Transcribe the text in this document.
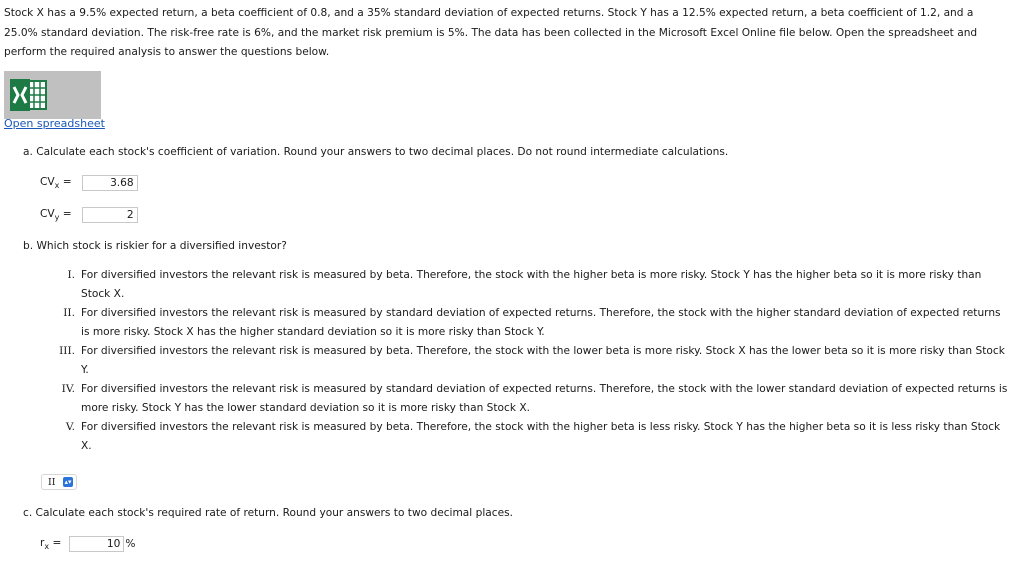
Stock X has a 9.5% expected return, a beta coefficient of 0.8, and a 35% standard deviation of expected returns. Stock Y has a 12.5% expected return, a beta coefficient of 1.2, and a 25.0% standard deviation. The risk-free rate is 6%, and the market risk premium is 5%. The data has been collected in the Microsoft Excel Online file below. Open the spreadsheet and perform the required analysis to answer the questions below.
Open spreadsheet
a. Calculate each stock's coefficient of variation. Round your answers to two decimal places. Do not round intermediate calculations.
$CV_x$ =
3.68
$CV_y$ =
2
b. Which stock is riskier for a diversified investor?
I. For diversified investors the relevant risk is measured by beta. Therefore, the stock with the higher beta is more risky. Stock Y has the higher beta so it is more risky than Stock X.
II. For diversified investors the relevant risk is measured by standard deviation of expected returns. Therefore, the stock with the higher standard deviation of expected returns is more risky. Stock X has the higher standard deviation so it is more risky than Stock Y.
III. For diversified investors the relevant risk is measured by beta. Therefore, the stock with the lower beta is more risky. Stock X has the lower beta so it is more risky than Stock Y.
IV. For diversified investors the relevant risk is measured by standard deviation of expected returns. Therefore, the stock with the lower standard deviation of expected returns is more risky. Stock Y has the lower standard deviation so it is more risky than Stock X.
V. For diversified investors the relevant risk is measured by beta. Therefore, the stock with the higher beta is less risky. Stock Y has the higher beta so it is less risky than Stock X.
II ▴▾
c. Calculate each stock's required rate of return. Round your answers to two decimal places.
$r_x$ =
10	%
